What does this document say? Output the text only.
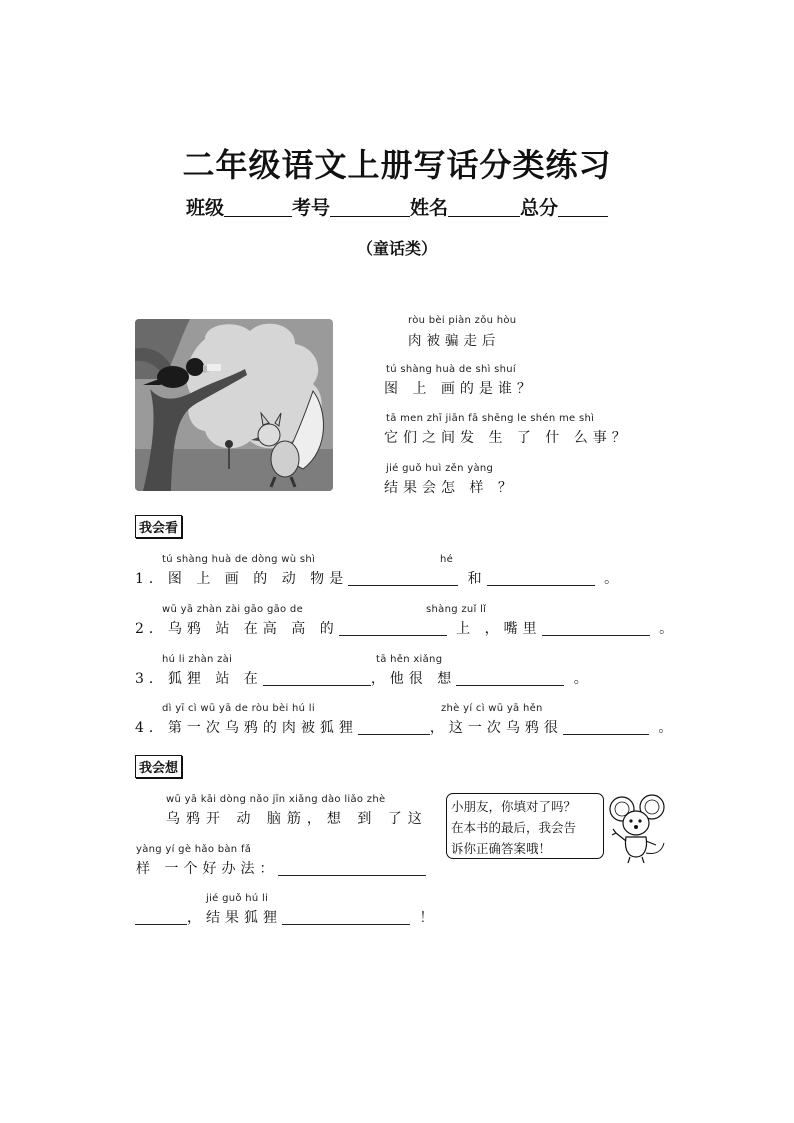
二年级语文上册写话分类练习
班级	考号	姓名	总分
（童话类）
ròu bèi piàn zǒu hòu
肉被骗走后
tú shàng huà de shì shuí
图 上 画的是谁？
tā men zhī jiān fā shēng le shén me shì
它们之间发 生 了 什 么事？
jié guǒ huì zěn yàng
结果会怎 样 ？
我会看
tú shàng huà de dòng wù shì	hé
1．图 上 画 的 动 物是	和	。
wū yā zhàn zài gāo gāo de	shàng zuǐ lǐ
2．乌鸦 站 在高 高 的	上 ，嘴里	。
hú li zhàn zài	tā hěn xiǎng
3．狐狸 站 在	，他很 想	。
dì yī cì wū yā de ròu bèi hú li	zhè yí cì wū yā hěn
4．第一次乌鸦的肉被狐狸	，这一次乌鸦很	。
我会想
wū yā kāi dòng nǎo jīn xiǎng dào liǎo zhè
乌鸦开 动 脑筋，想 到 了这
yàng yí gè hǎo bàn fǎ
样 一个好办法：
jié guǒ hú li
，结果狐狸	！
小朋友，你填对了吗？
在本书的最后，我会告
诉你正确答案哦！
